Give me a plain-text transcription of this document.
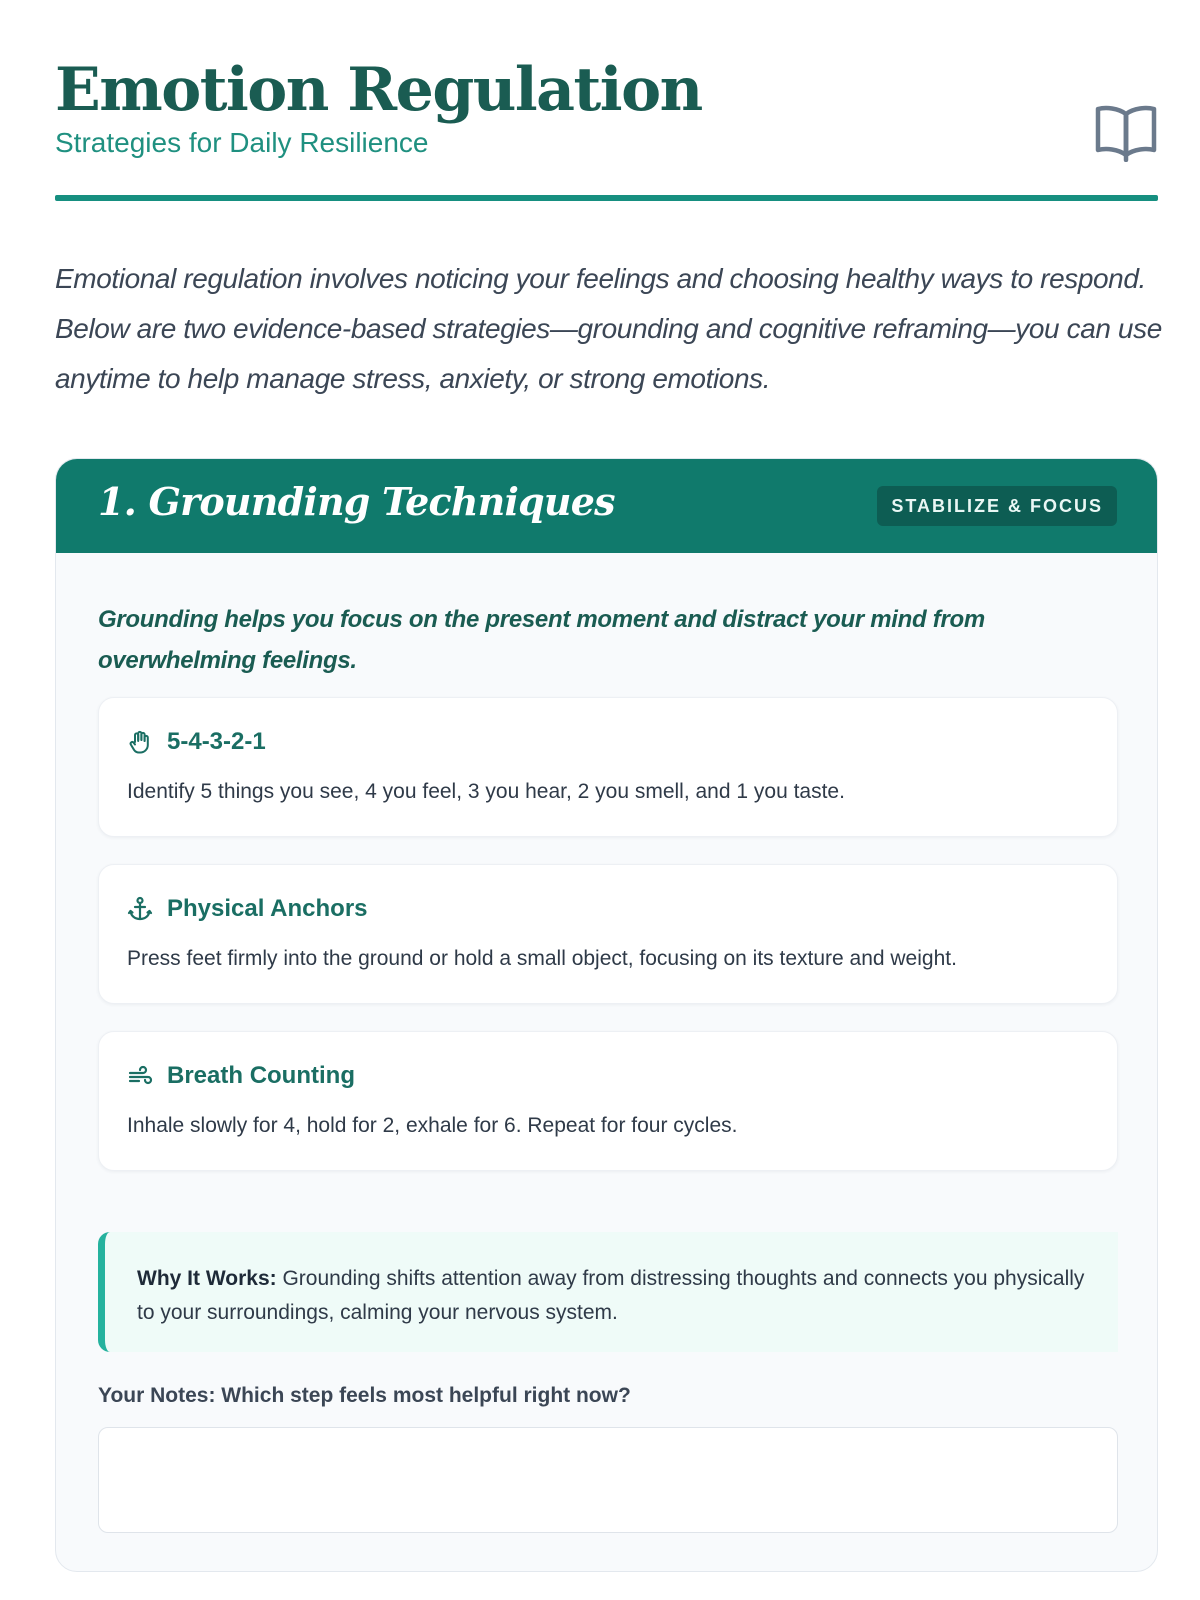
Emotion Regulation
Strategies for Daily Resilience

Emotional regulation involves noticing your feelings and choosing healthy ways to respond. Below are two evidence-based strategies—grounding and cognitive reframing—you can use anytime to help manage stress, anxiety, or strong emotions.

1. Grounding Techniques	STABILIZE & FOCUS

Grounding helps you focus on the present moment and distract your mind from overwhelming feelings.

5-4-3-2-1
Identify 5 things you see, 4 you feel, 3 you hear, 2 you smell, and 1 you taste.
Physical Anchors
Press feet firmly into the ground or hold a small object, focusing on its texture and weight.
Breath Counting
Inhale slowly for 4, hold for 2, exhale for 6. Repeat for four cycles.

Why It Works: Grounding shifts attention away from distressing thoughts and connects you physically to your surroundings, calming your nervous system.

Your Notes: Which step feels most helpful right now?
